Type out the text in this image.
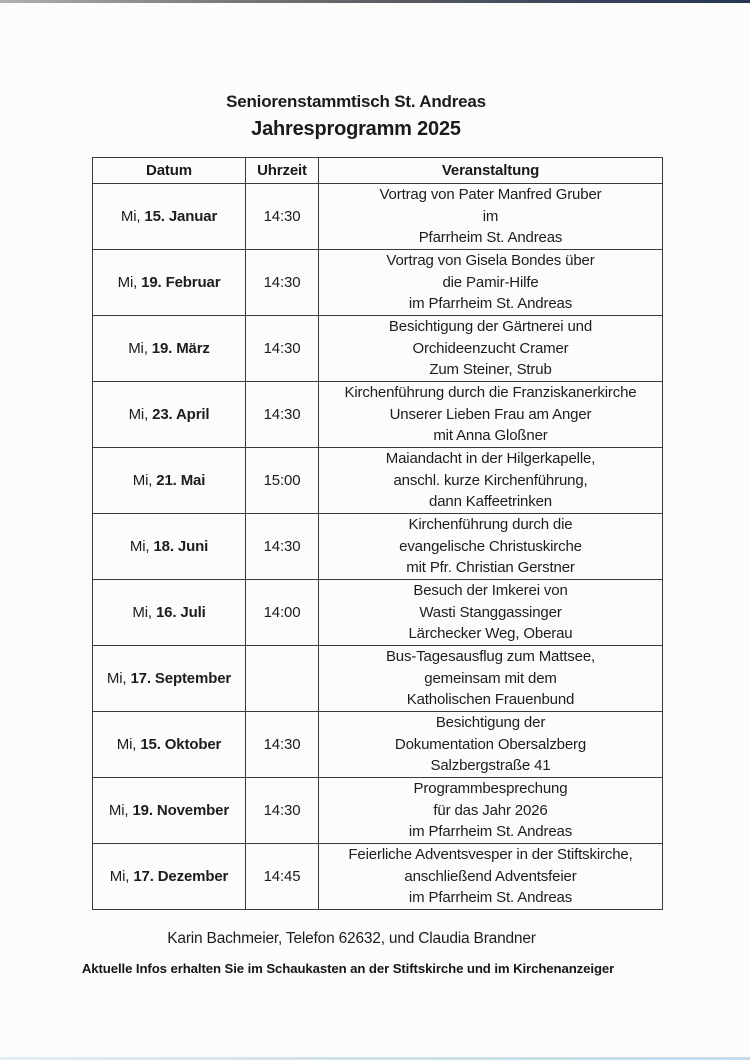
Seniorenstammtisch St. Andreas
Jahresprogramm 2025
Datum	Uhrzeit	Veranstaltung
Mi, 15. Januar	14:30	Vortrag von Pater Manfred Gruber
im
Pfarrheim St. Andreas

Mi, 19. Februar	14:30	Vortrag von Gisela Bondes über
die Pamir-Hilfe
im Pfarrheim St. Andreas

Mi, 19. März	14:30	Besichtigung der Gärtnerei und
Orchideenzucht Cramer
Zum Steiner, Strub

Mi, 23. April	14:30	Kirchenführung durch die Franziskanerkirche
Unserer Lieben Frau am Anger
mit Anna Gloßner

Mi, 21. Mai	15:00	Maiandacht in der Hilgerkapelle,
anschl. kurze Kirchenführung,
dann Kaffeetrinken

Mi, 18. Juni	14:30	Kirchenführung durch die
evangelische Christuskirche
mit Pfr. Christian Gerstner

Mi, 16. Juli	14:00	Besuch der Imkerei von
Wasti Stanggassinger
Lärchecker Weg, Oberau

Mi, 17. September		Bus-Tagesausflug zum Mattsee,
gemeinsam mit dem
Katholischen Frauenbund

Mi, 15. Oktober	14:30	Besichtigung der
Dokumentation Obersalzberg
Salzbergstraße 41

Mi, 19. November	14:30	Programmbesprechung
für das Jahr 2026
im Pfarrheim St. Andreas

Mi, 17. Dezember	14:45	Feierliche Adventsvesper in der Stiftskirche,
anschließend Adventsfeier
im Pfarrheim St. Andreas
Karin Bachmeier, Telefon 62632, und Claudia Brandner
Aktuelle Infos erhalten Sie im Schaukasten an der Stiftskirche und im Kirchenanzeiger
